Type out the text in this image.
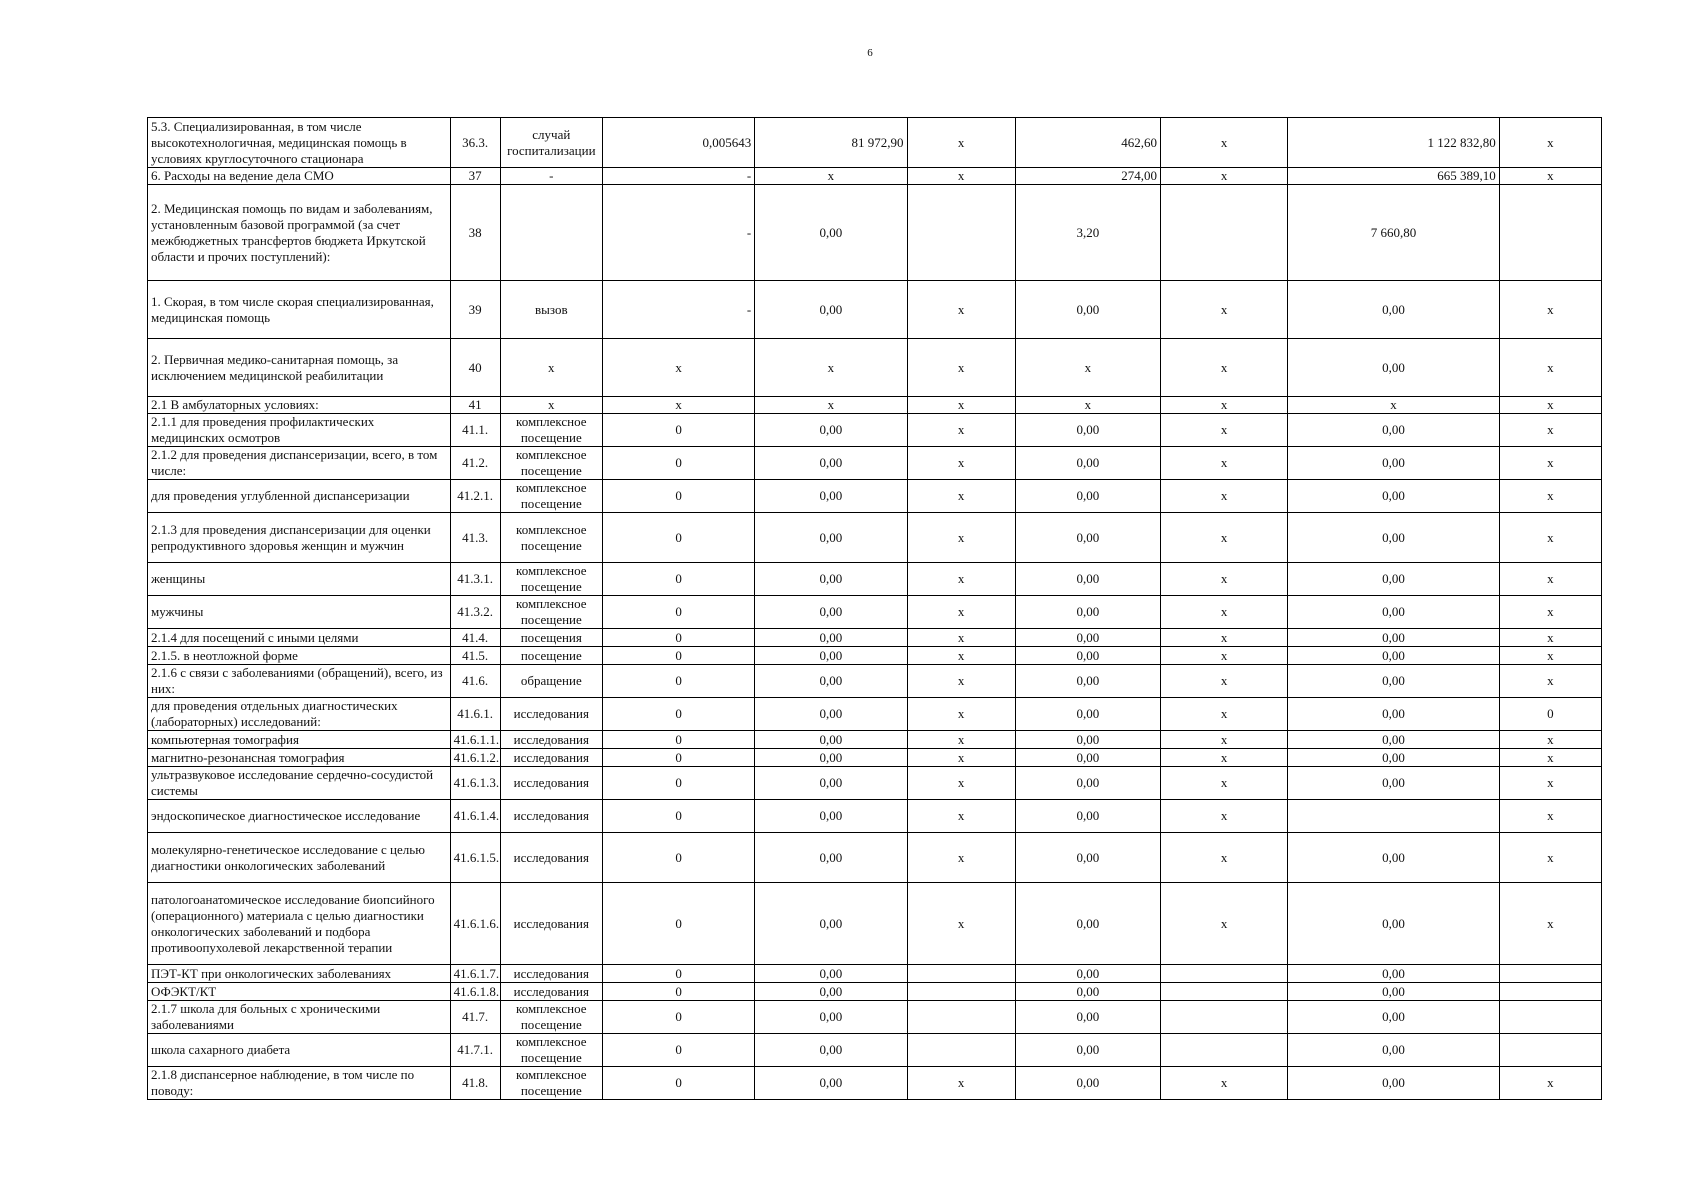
6
5.3. Специализированная, в том числе высокотехнологичная, медицинская помощь в условиях круглосуточного стационара	36.3.	случай госпитализации	0,005643	81 972,90	x	462,60	x	1 122 832,80	x
6. Расходы на ведение дела СМО	37	-	-	x	x	274,00	x	665 389,10	x
2. Медицинская помощь по видам и заболеваниям, установленным базовой программой (за счет межбюджетных трансфертов бюджета Иркутской области и прочих поступлений):	38		-	0,00		3,20		7 660,80	
1. Скорая, в том числе скорая специализированная, медицинская помощь	39	вызов	-	0,00	x	0,00	x	0,00	x
2. Первичная медико-санитарная помощь, за исключением медицинской реабилитации	40	x	x	x	x	x	x	0,00	x
2.1 В амбулаторных условиях:	41	x	x	x	x	x	x	x	x
2.1.1 для проведения профилактических медицинских осмотров	41.1.	комплексное посещение	0	0,00	x	0,00	x	0,00	x
2.1.2 для проведения диспансеризации, всего, в том числе:	41.2.	комплексное посещение	0	0,00	x	0,00	x	0,00	x
для проведения углубленной диспансеризации	41.2.1.	комплексное посещение	0	0,00	x	0,00	x	0,00	x
2.1.3 для проведения диспансеризации для оценки репродуктивного здоровья женщин и мужчин	41.3.	комплексное посещение	0	0,00	x	0,00	x	0,00	x
женщины	41.3.1.	комплексное посещение	0	0,00	x	0,00	x	0,00	x
мужчины	41.3.2.	комплексное посещение	0	0,00	x	0,00	x	0,00	x
2.1.4 для посещений с иными целями	41.4.	посещения	0	0,00	x	0,00	x	0,00	x
2.1.5. в неотложной форме	41.5.	посещение	0	0,00	x	0,00	x	0,00	x
2.1.6 с связи с заболеваниями (обращений), всего, из них:	41.6.	обращение	0	0,00	x	0,00	x	0,00	x
для проведения отдельных диагностических (лабораторных) исследований:	41.6.1.	исследования	0	0,00	x	0,00	x	0,00	0
компьютерная томография	41.6.1.1.	исследования	0	0,00	x	0,00	x	0,00	x
магнитно-резонансная томография	41.6.1.2.	исследования	0	0,00	x	0,00	x	0,00	x
ультразвуковое исследование сердечно-сосудистой системы	41.6.1.3.	исследования	0	0,00	x	0,00	x	0,00	x
эндоскопическое диагностическое исследование	41.6.1.4.	исследования	0	0,00	x	0,00	x		x
молекулярно-генетическое исследование с целью диагностики онкологических заболеваний	41.6.1.5.	исследования	0	0,00	x	0,00	x	0,00	x
патологоанатомическое исследование биопсийного (операционного) материала с целью диагностики онкологических заболеваний и подбора противоопухолевой лекарственной терапии	41.6.1.6.	исследования	0	0,00	x	0,00	x	0,00	x
ПЭТ-КТ при онкологических заболеваниях	41.6.1.7.	исследования	0	0,00		0,00		0,00	
ОФЭКТ/КТ	41.6.1.8.	исследования	0	0,00		0,00		0,00	
2.1.7 школа для больных с хроническими заболеваниями	41.7.	комплексное посещение	0	0,00		0,00		0,00	
школа сахарного диабета	41.7.1.	комплексное посещение	0	0,00		0,00		0,00	
2.1.8 диспансерное наблюдение, в том числе по поводу:	41.8.	комплексное посещение	0	0,00	x	0,00	x	0,00	x
